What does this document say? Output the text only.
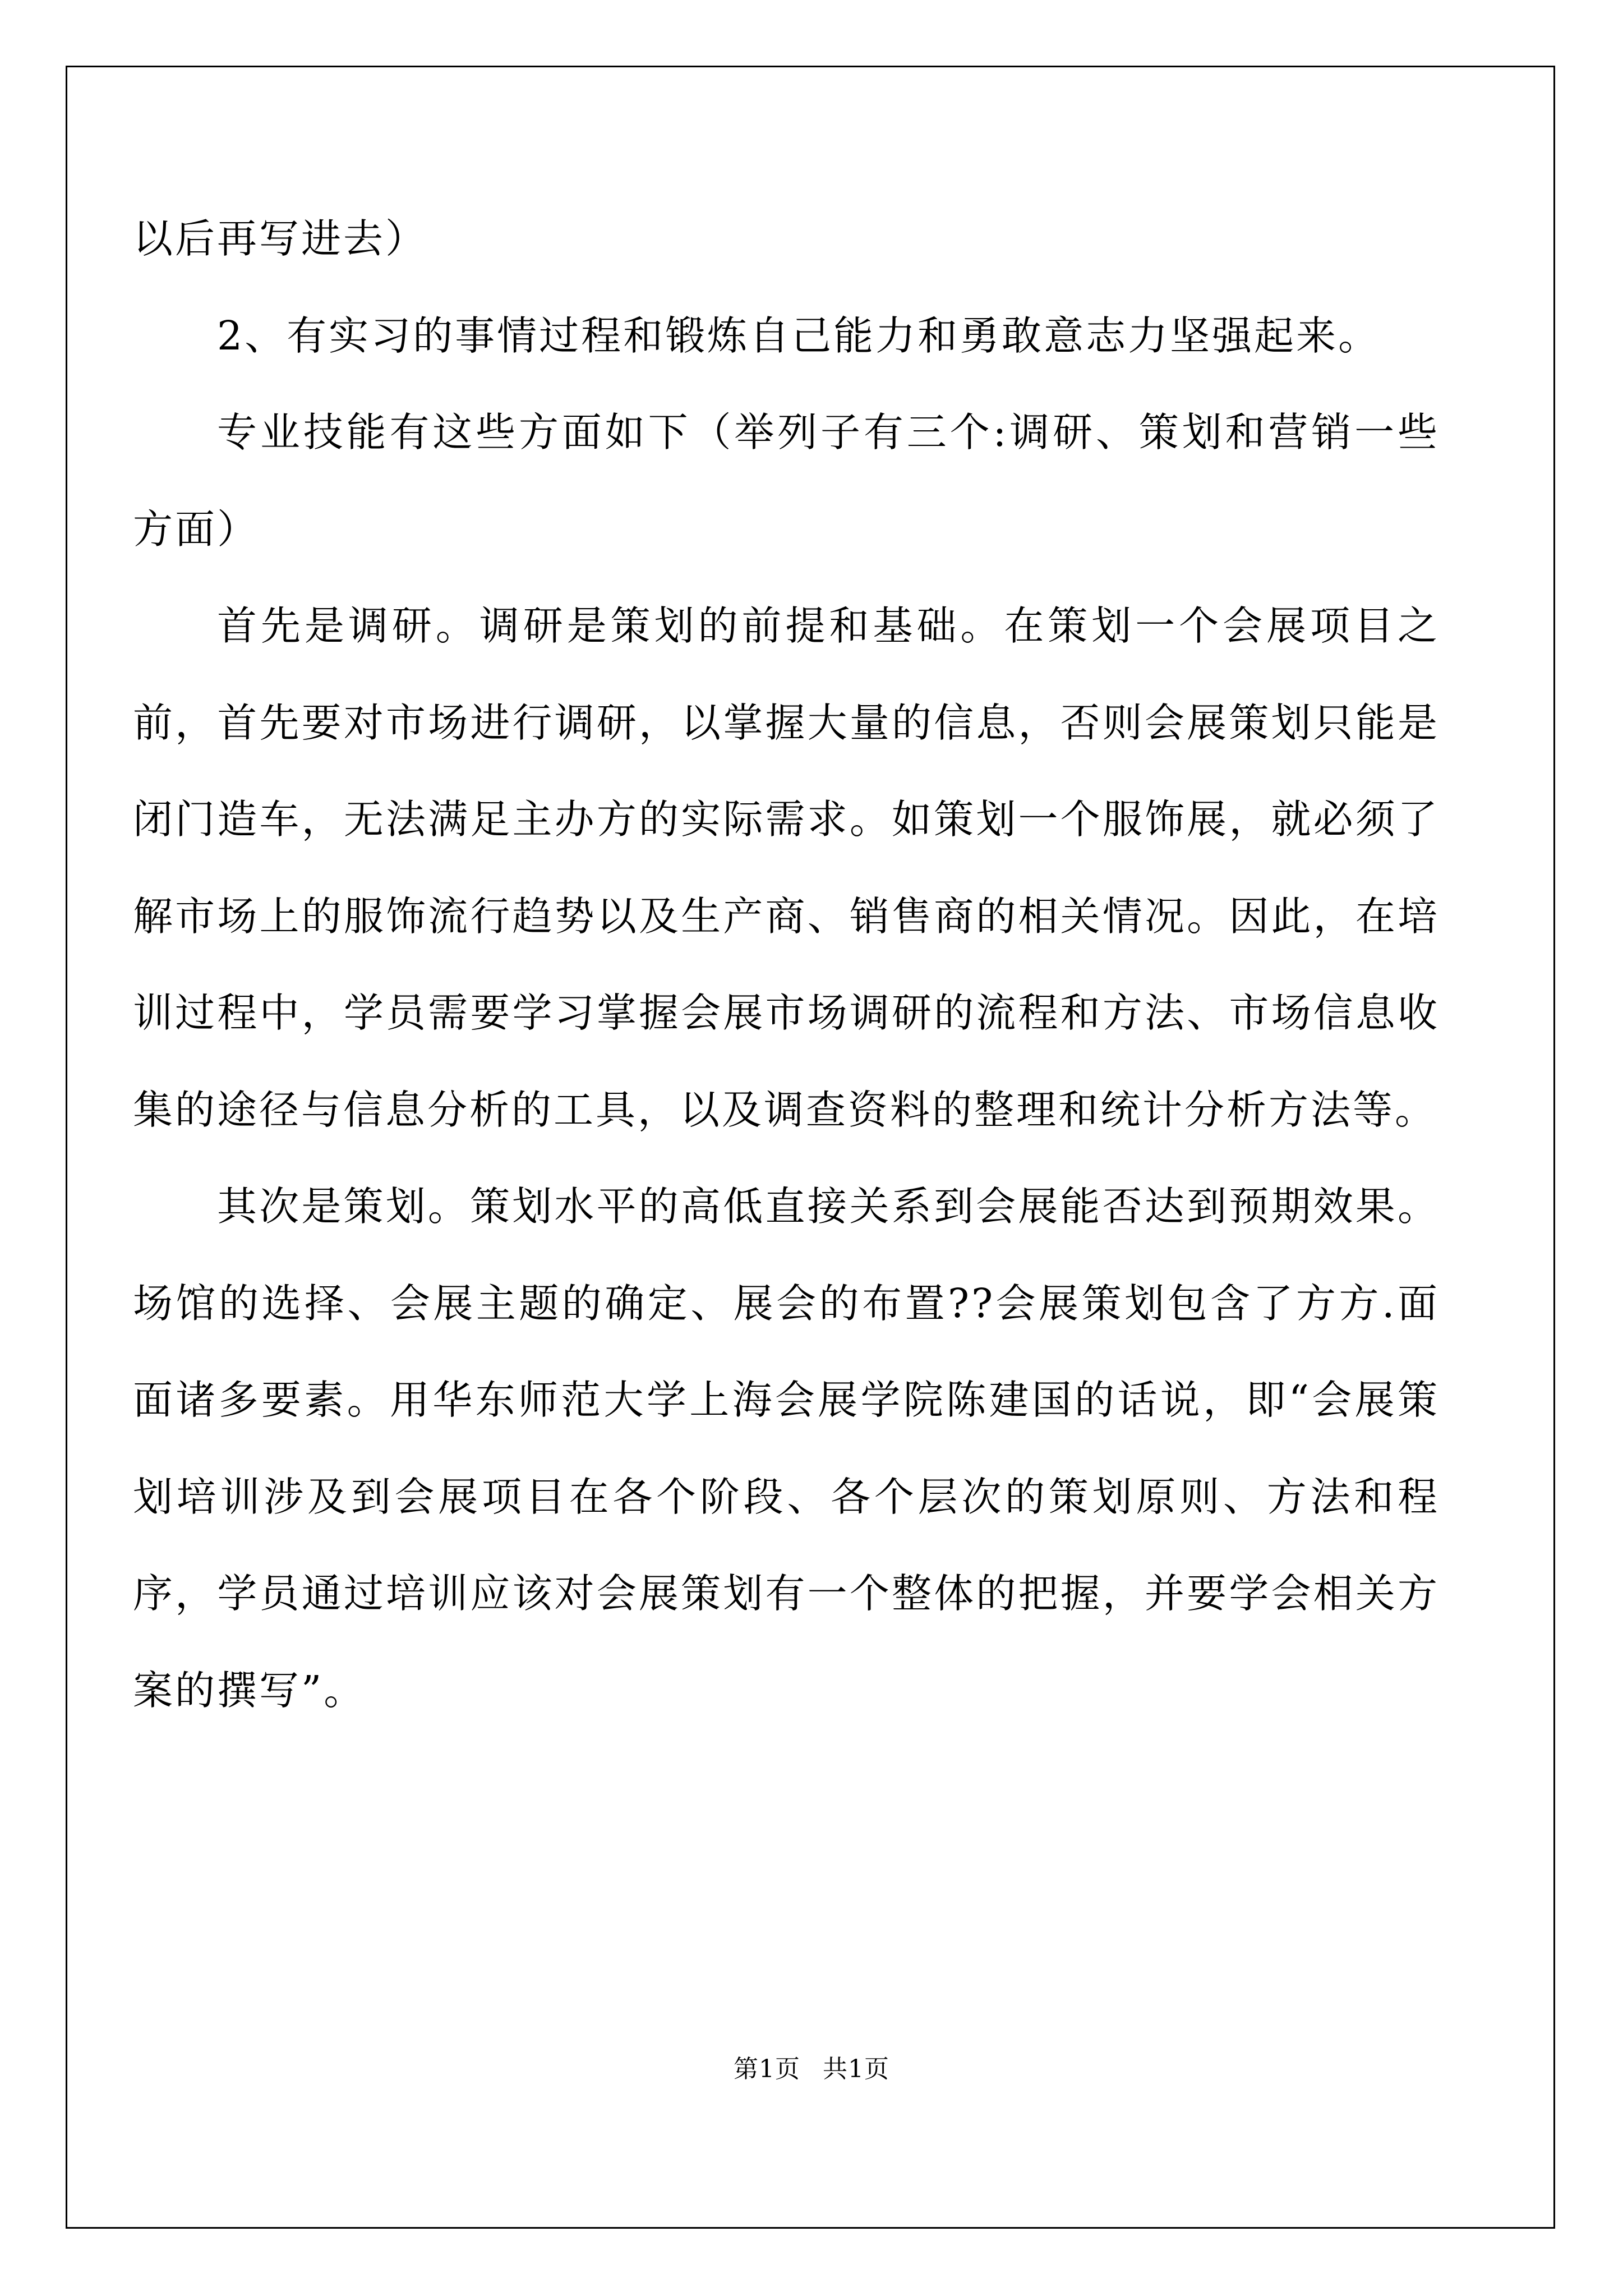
以后再写进去）

2、有实习的事情过程和锻炼自己能力和勇敢意志力坚强起来。

专业技能有这些方面如下（举列子有三个:调研、策划和营销一些方面）

首先是调研。调研是策划的前提和基础。在策划一个会展项目之前，首先要对市场进行调研，以掌握大量的信息，否则会展策划只能是闭门造车，无法满足主办方的实际需求。如策划一个服饰展，就必须了解市场上的服饰流行趋势以及生产商、销售商的相关情况。因此，在培训过程中，学员需要学习掌握会展市场调研的流程和方法、市场信息收集的途径与信息分析的工具，以及调查资料的整理和统计分析方法等。

其次是策划。策划水平的高低直接关系到会展能否达到预期效果。场馆的选择、会展主题的确定、展会的布置??会展策划包含了方方.面面诸多要素。用华东师范大学上海会展学院陈建国的话说，即“会展策划培训涉及到会展项目在各个阶段、各个层次的策划原则、方法和程序，学员通过培训应该对会展策划有一个整体的把握，并要学会相关方案的撰写”。

第1页 共1页
